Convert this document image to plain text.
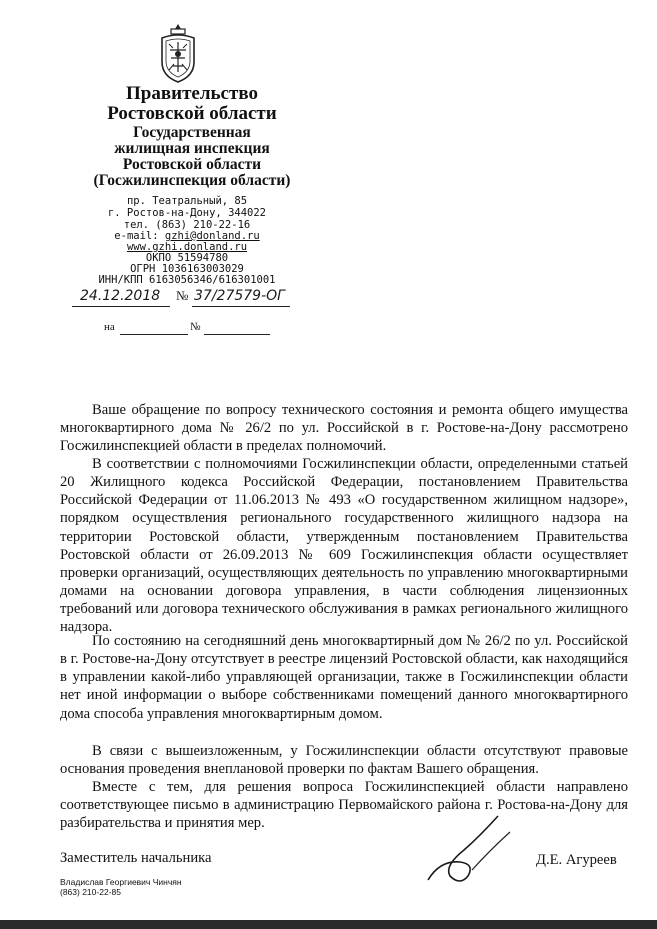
Правительство
Ростовской области
Государственная
жилищная инспекция
Ростовской области
(Госжилинспекция области)
пр. Театральный, 85
г. Ростов-на-Дону, 344022
тел. (863) 210-22-16
e-mail: gzhi@donland.ru
www.gzhi.donland.ru
ОКПО 51594780
ОГРН 1036163003029
ИНН/КПП 6163056346/616301001
24.12.2018 № 37/27579-ОГ
на	№

Ваше обращение по вопросу технического состояния и ремонта общего имущества многоквартирного дома № 26/2 по ул. Российской в г. Ростове-на-Дону рассмотрено Госжилинспекцией области в пределах полномочий.

В соответствии с полномочиями Госжилинспекции области, определенными статьей 20 Жилищного кодекса Российской Федерации, постановлением Правительства Российской Федерации от 11.06.2013 № 493 «О государственном жилищном надзоре», порядком осуществления регионального государственного жилищного надзора на территории Ростовской области, утвержденным постановлением Правительства Ростовской области от 26.09.2013 № 609 Госжилинспекция области осуществляет проверки организаций, осуществляющих деятельность по управлению многоквартирными домами на основании договора управления, в части соблюдения лицензионных требований или договора технического обслуживания в рамках регионального жилищного надзора.

По состоянию на сегодняшний день многоквартирный дом № 26/2 по ул. Российской в г. Ростове-на-Дону отсутствует в реестре лицензий Ростовской области, как находящийся в управлении какой-либо управляющей организации, также в Госжилинспекции области нет иной информации о выборе собственниками помещений данного многоквартирного дома способа управления многоквартирным домом.

В связи с вышеизложенным, у Госжилинспекции области отсутствуют правовые основания проведения внеплановой проверки по фактам Вашего обращения.

Вместе с тем, для решения вопроса Госжилинспекцией области направлено соответствующее письмо в администрацию Первомайского района г. Ростова-на-Дону для разбирательства и принятия мер.

Заместитель начальника	Д.Е. Агуреев
Владислав Георгиевич Чинчян
(863) 210-22-85
